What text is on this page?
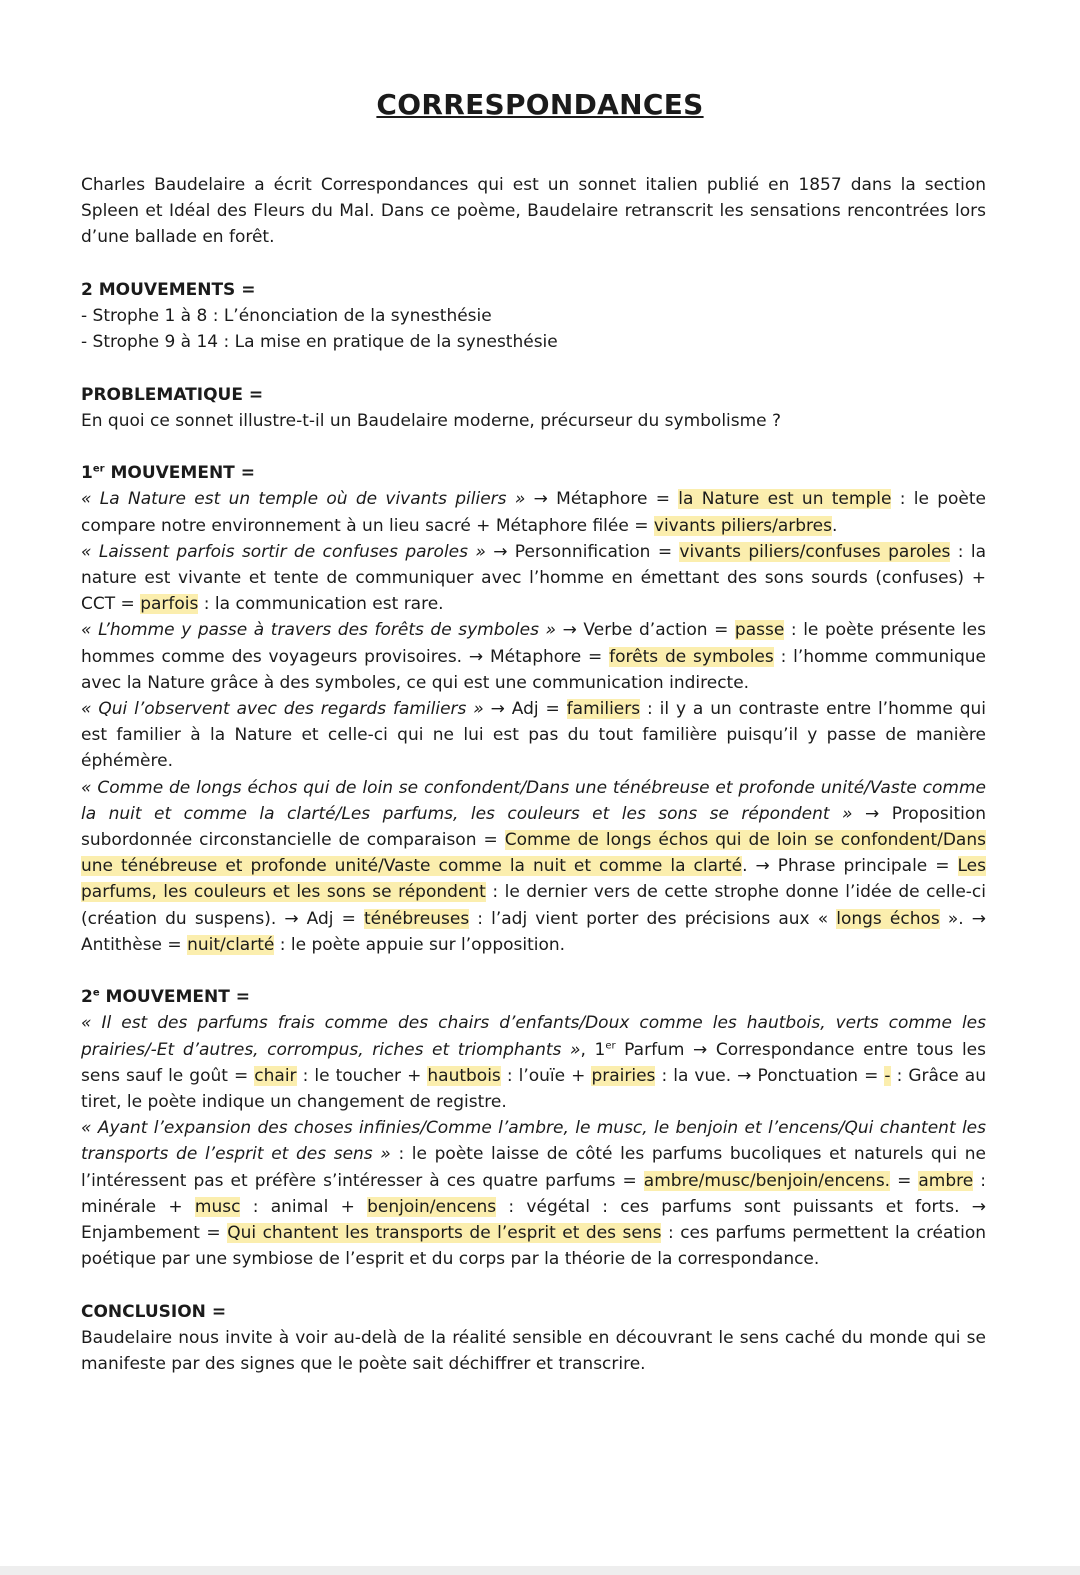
CORRESPONDANCES

Charles Baudelaire a écrit Correspondances qui est un sonnet italien publié en 1857 dans la section Spleen et Idéal des Fleurs du Mal. Dans ce poème, Baudelaire retranscrit les sensations rencontrées lors d’une ballade en forêt.

2 MOUVEMENTS =

- Strophe 1 à 8 : L’énonciation de la synesthésie

- Strophe 9 à 14 : La mise en pratique de la synesthésie

PROBLEMATIQUE =

En quoi ce sonnet illustre-t-il un Baudelaire moderne, précurseur du symbolisme ?

1er MOUVEMENT =

« La Nature est un temple où de vivants piliers » → Métaphore = la Nature est un temple : le poète compare notre environnement à un lieu sacré + Métaphore filée = vivants piliers/arbres.

« Laissent parfois sortir de confuses paroles » → Personnification = vivants piliers/confuses paroles : la nature est vivante et tente de communiquer avec l’homme en émettant des sons sourds (confuses) + CCT = parfois : la communication est rare.

« L’homme y passe à travers des forêts de symboles » → Verbe d’action = passe : le poète présente les hommes comme des voyageurs provisoires. → Métaphore = forêts de symboles : l’homme communique avec la Nature grâce à des symboles, ce qui est une communication indirecte.

« Qui l’observent avec des regards familiers » → Adj = familiers : il y a un contraste entre l’homme qui est familier à la Nature et celle-ci qui ne lui est pas du tout familière puisqu’il y passe de manière éphémère.

« Comme de longs échos qui de loin se confondent/Dans une ténébreuse et profonde unité/Vaste comme la nuit et comme la clarté/Les parfums, les couleurs et les sons se répondent » → Proposition subordonnée circonstancielle de comparaison = Comme de longs échos qui de loin se confondent/Dans une ténébreuse et profonde unité/Vaste comme la nuit et comme la clarté. → Phrase principale = Les parfums, les couleurs et les sons se répondent : le dernier vers de cette strophe donne l’idée de celle-ci (création du suspens). → Adj = ténébreuses : l’adj vient porter des précisions aux « longs échos ». → Antithèse = nuit/clarté : le poète appuie sur l’opposition.

2e MOUVEMENT =

« Il est des parfums frais comme des chairs d’enfants/Doux comme les hautbois, verts comme les prairies/-Et d’autres, corrompus, riches et triomphants », 1er Parfum → Correspondance entre tous les sens sauf le goût = chair : le toucher + hautbois : l’ouïe + prairies : la vue. → Ponctuation = - : Grâce au tiret, le poète indique un changement de registre.

« Ayant l’expansion des choses infinies/Comme l’ambre, le musc, le benjoin et l’encens/Qui chantent les transports de l’esprit et des sens » : le poète laisse de côté les parfums bucoliques et naturels qui ne l’intéressent pas et préfère s’intéresser à ces quatre parfums = ambre/musc/benjoin/encens. = ambre : minérale + musc : animal + benjoin/encens : végétal : ces parfums sont puissants et forts. → Enjambement = Qui chantent les transports de l’esprit et des sens : ces parfums permettent la création poétique par une symbiose de l’esprit et du corps par la théorie de la correspondance.

CONCLUSION =

Baudelaire nous invite à voir au-delà de la réalité sensible en découvrant le sens caché du monde qui se manifeste par des signes que le poète sait déchiffrer et transcrire.
